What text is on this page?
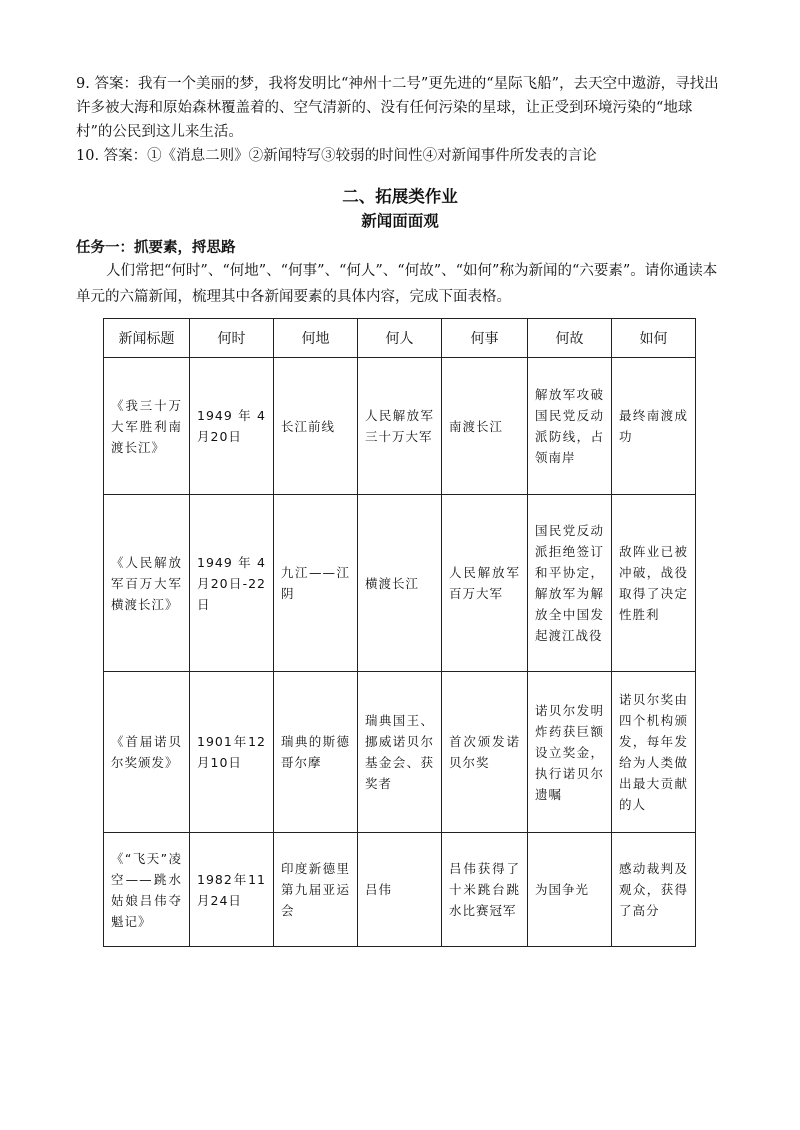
9. 答案：我有一个美丽的梦，我将发明比“神州十二号”更先进的“星际飞船”，去天空中遨游，寻找出许多被大海和原始森林覆盖着的、空气清新的、没有任何污染的星球，让正受到环境污染的“地球村”的公民到这儿来生活。

10. 答案：①《消息二则》②新闻特写③较弱的时间性④对新闻事件所发表的言论

二、拓展类作业
新闻面面观

任务一：抓要素，捋思路

人们常把“何时”、“何地”、“何事”、“何人”、“何故”、“如何”称为新闻的“六要素”。请你通读本单元的六篇新闻，梳理其中各新闻要素的具体内容，完成下面表格。

新闻标题	何时	何地	何人	何事	何故	如何
《我三十万大军胜利南渡长江》	1949年4月20日	长江前线	人民解放军三十万大军	南渡长江	解放军攻破国民党反动派防线，占领南岸	最终南渡成功
《人民解放军百万大军横渡长江》	1949年4月20日-22日	九江——江阴	横渡长江	人民解放军百万大军	国民党反动派拒绝签订和平协定，解放军为解放全中国发起渡江战役	敌阵业已被冲破，战役取得了决定性胜利
《首届诺贝尔奖颁发》	1901年12月10日	瑞典的斯德哥尔摩	瑞典国王、挪威诺贝尔基金会、获奖者	首次颁发诺贝尔奖	诺贝尔发明炸药获巨额设立奖金，执行诺贝尔遗嘱	诺贝尔奖由四个机构颁发，每年发给为人类做出最大贡献的人
《“飞天”凌空——跳水姑娘吕伟夺魁记》	1982年11月24日	印度新德里第九届亚运会	吕伟	吕伟获得了十米跳台跳水比赛冠军	为国争光	感动裁判及观众，获得了高分
